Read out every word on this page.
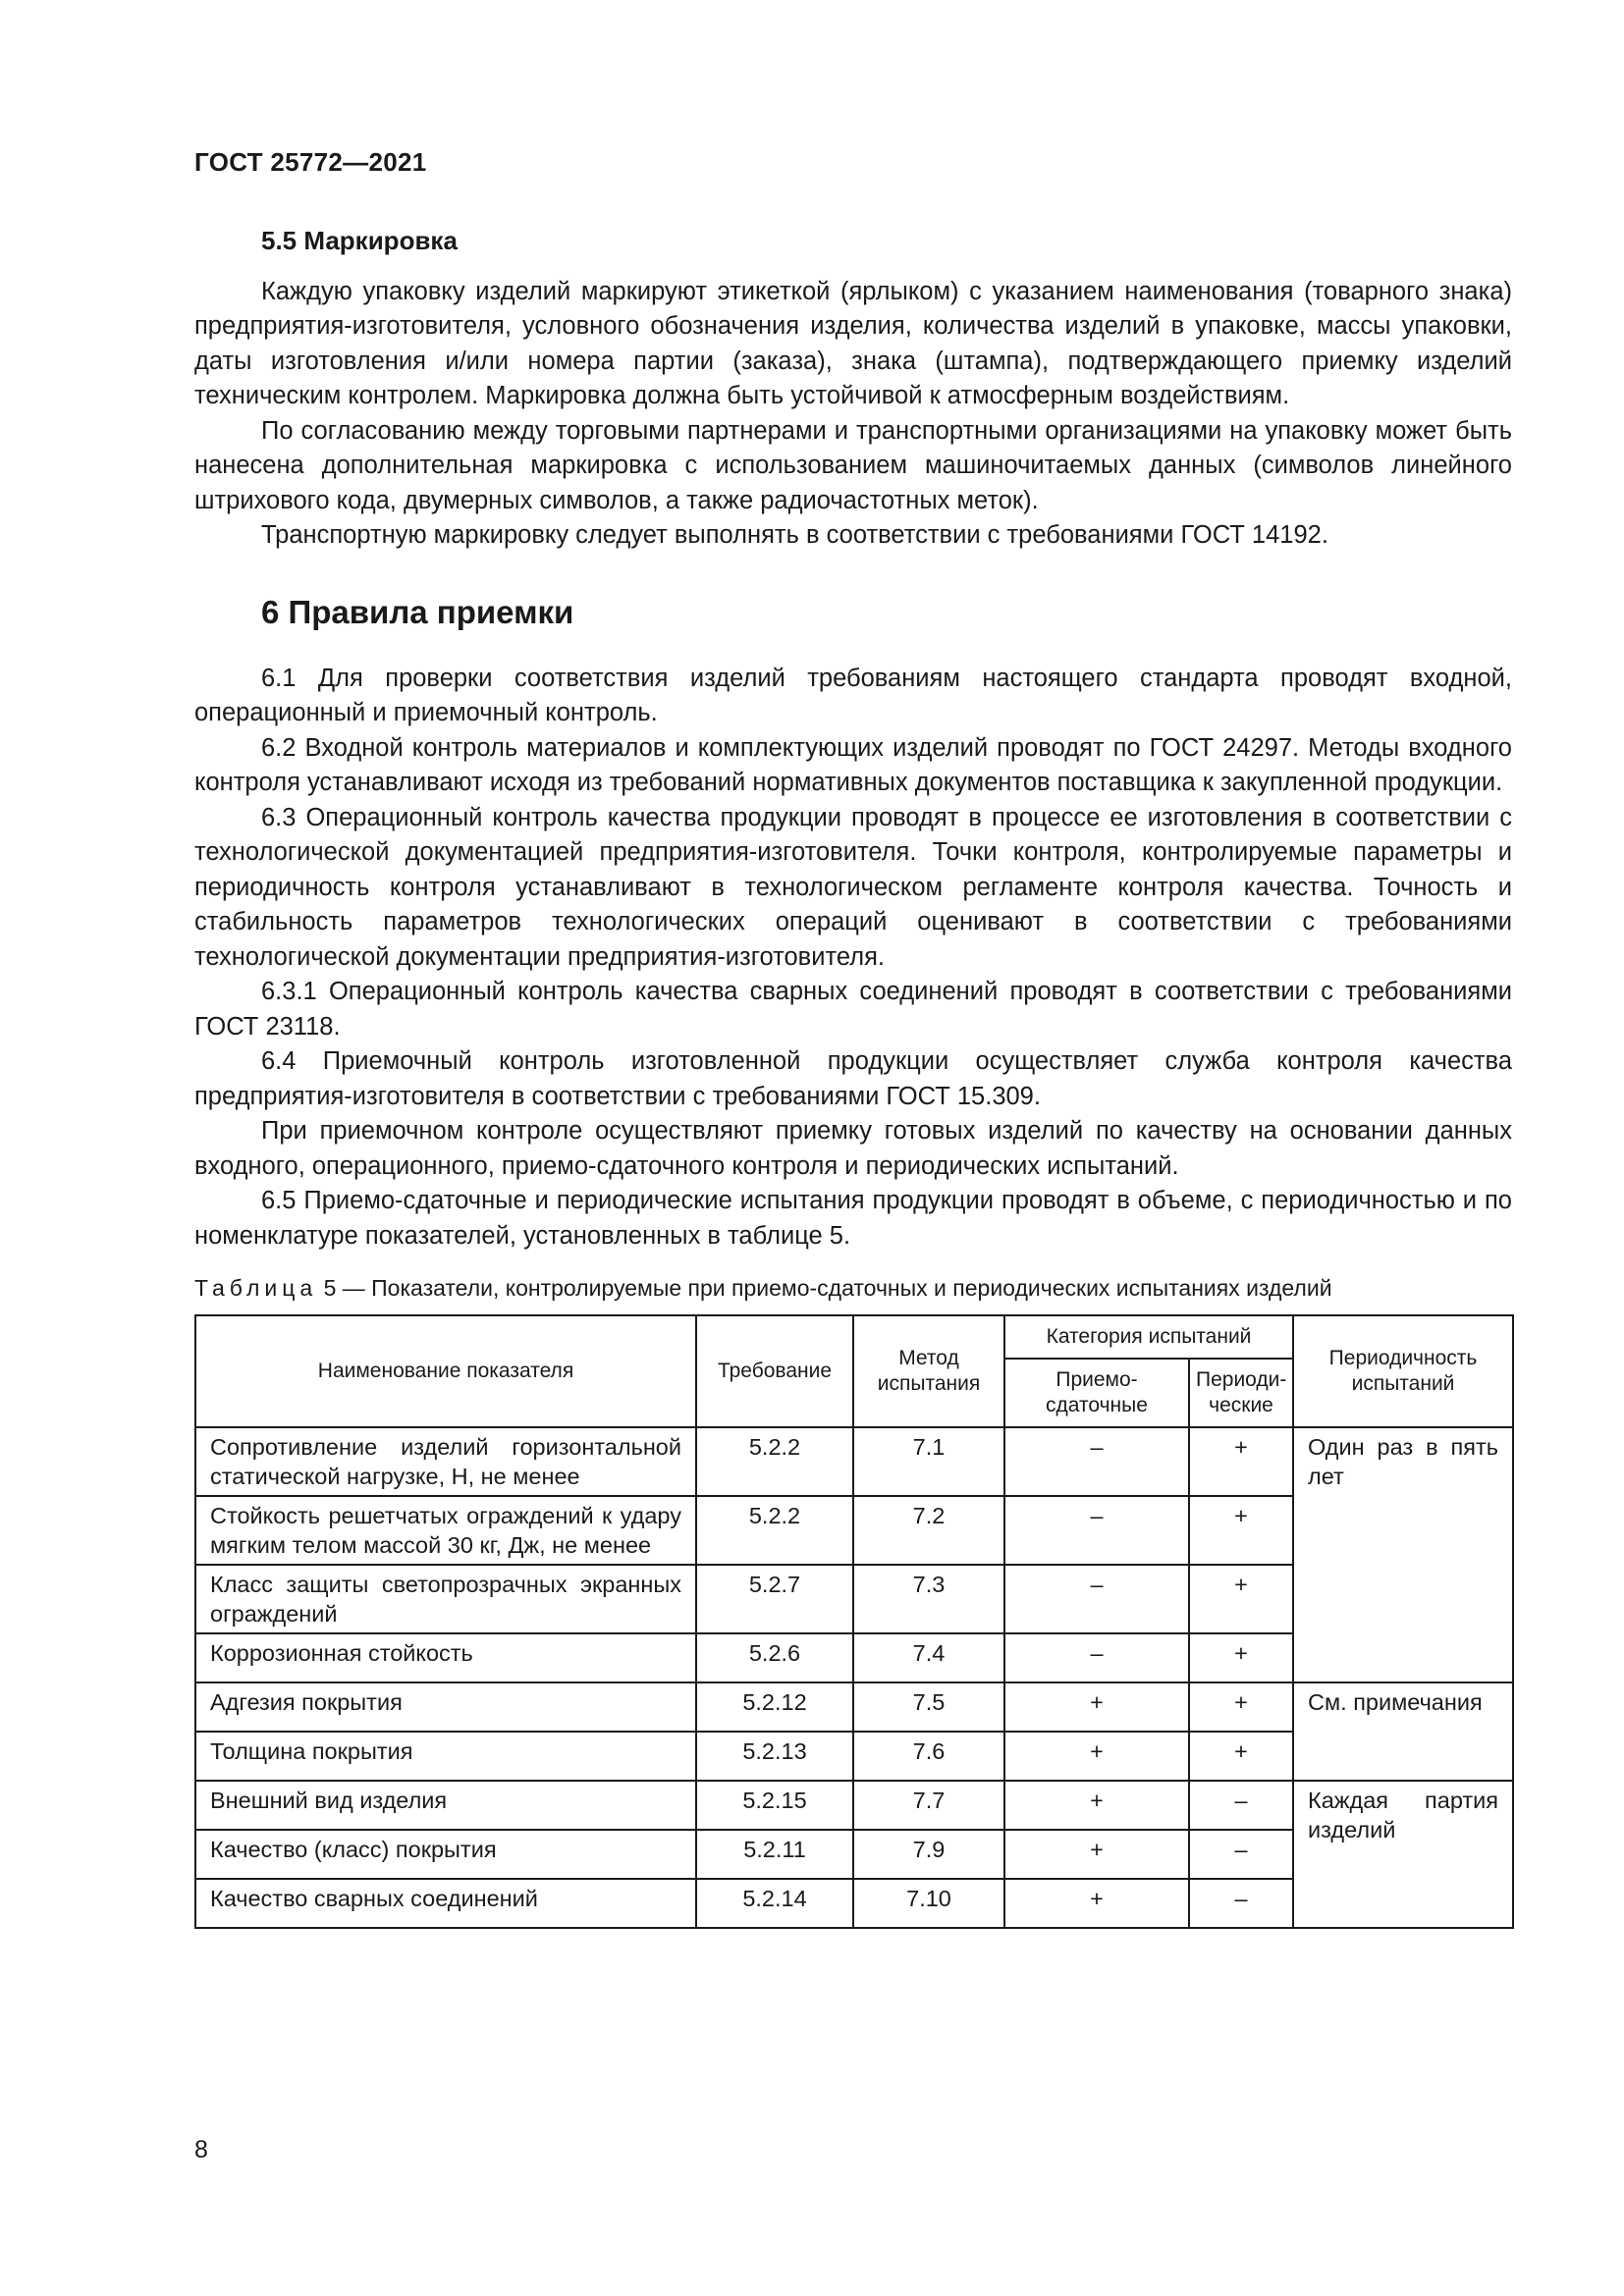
ГОСТ 25772—2021
5.5 Маркировка

Каждую упаковку изделий маркируют этикеткой (ярлыком) с указанием наименования (товарного знака) предприятия-изготовителя, условного обозначения изделия, количества изделий в упаковке, массы упаковки, даты изготовления и/или номера партии (заказа), знака (штампа), подтверждающего приемку изделий техническим контролем. Маркировка должна быть устойчивой к атмосферным воздействиям.

По согласованию между торговыми партнерами и транспортными организациями на упаковку может быть нанесена дополнительная маркировка с использованием машиночитаемых данных (символов линейного штрихового кода, двумерных символов, а также радиочастотных меток).

Транспортную маркировку следует выполнять в соответствии с требованиями ГОСТ 14192.

6 Правила приемки

6.1 Для проверки соответствия изделий требованиям настоящего стандарта проводят входной, операционный и приемочный контроль.

6.2 Входной контроль материалов и комплектующих изделий проводят по ГОСТ 24297. Методы входного контроля устанавливают исходя из требований нормативных документов поставщика к закупленной продукции.

6.3 Операционный контроль качества продукции проводят в процессе ее изготовления в соответствии с технологической документацией предприятия-изготовителя. Точки контроля, контролируемые параметры и периодичность контроля устанавливают в технологическом регламенте контроля качества. Точность и стабильность параметров технологических операций оценивают в соответствии с требованиями технологической документации предприятия-изготовителя.

6.3.1 Операционный контроль качества сварных соединений проводят в соответствии с требованиями ГОСТ 23118.

6.4 Приемочный контроль изготовленной продукции осуществляет служба контроля качества предприятия-изготовителя в соответствии с требованиями ГОСТ 15.309.

При приемочном контроле осуществляют приемку готовых изделий по качеству на основании данных входного, операционного, приемо-сдаточного контроля и периодических испытаний.

6.5 Приемо-сдаточные и периодические испытания продукции проводят в объеме, с периодичностью и по номенклатуре показателей, установленных в таблице 5.

Таблица 5 — Показатели, контролируемые при приемо-сдаточных и периодических испытаниях изделий
Наименование показателя	Требование	Метод испытания	Категория испытаний		Периодичность испытаний
			Приемо-сдаточные	Периоди-ческие	
Сопротивление изделий горизонтальной статической нагрузке, Н, не менее	5.2.2	7.1	–	+	Один раз в пять лет
Стойкость решетчатых ограждений к удару мягким телом массой 30 кг, Дж, не менее	5.2.2	7.2	–	+	
Класс защиты светопрозрачных экранных ограждений	5.2.7	7.3	–	+	
Коррозионная стойкость	5.2.6	7.4	–	+	
Адгезия покрытия	5.2.12	7.5	+	+	См. примечания
Толщина покрытия	5.2.13	7.6	+	+	
Внешний вид изделия	5.2.15	7.7	+	–	Каждая партия изделий
Качество (класс) покрытия	5.2.11	7.9	+	–	
Качество сварных соединений	5.2.14	7.10	+	–	
8
